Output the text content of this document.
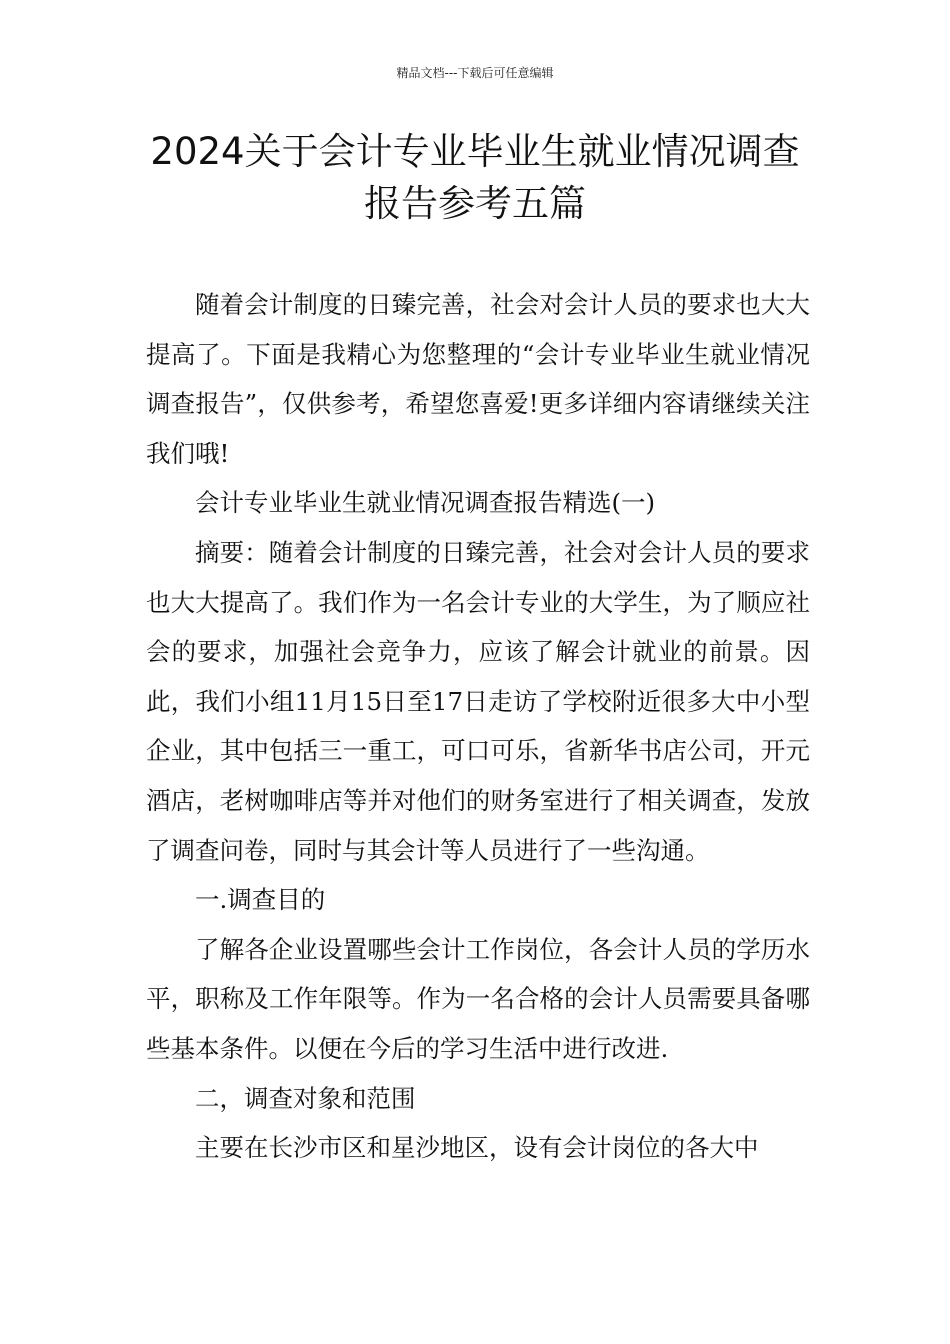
精品文档---下载后可任意编辑
2024关于会计专业毕业生就业情况调查
报告参考五篇

随着会计制度的日臻完善，社会对会计人员的要求也大大提高了。下面是我精心为您整理的“会计专业毕业生就业情况调查报告”，仅供参考，希望您喜爱!更多详细内容请继续关注我们哦!

会计专业毕业生就业情况调查报告精选(一)

摘要：随着会计制度的日臻完善，社会对会计人员的要求也大大提高了。我们作为一名会计专业的大学生，为了顺应社会的要求，加强社会竞争力，应该了解会计就业的前景。因此，我们小组11月15日至17日走访了学校附近很多大中小型企业，其中包括三一重工，可口可乐，省新华书店公司，开元酒店，老树咖啡店等并对他们的财务室进行了相关调查，发放了调查问卷，同时与其会计等人员进行了一些沟通。

一.调查目的

了解各企业设置哪些会计工作岗位，各会计人员的学历水平，职称及工作年限等。作为一名合格的会计人员需要具备哪些基本条件。以便在今后的学习生活中进行改进.

二，调查对象和范围

主要在长沙市区和星沙地区，设有会计岗位的各大中
